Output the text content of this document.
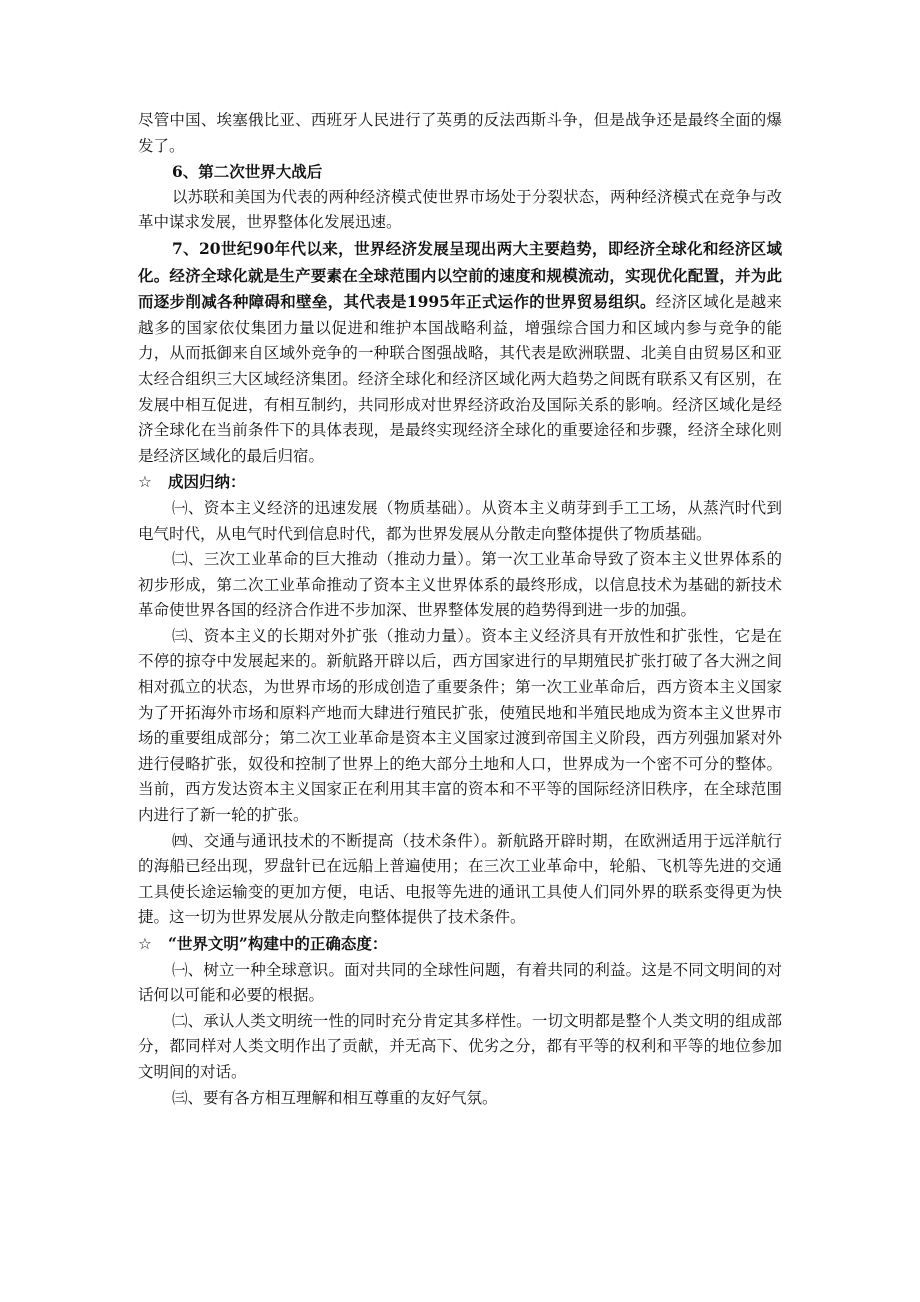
尽管中国、埃塞俄比亚、西班牙人民进行了英勇的反法西斯斗争，但是战争还是最终全面的爆发了。

6、第二次世界大战后

以苏联和美国为代表的两种经济模式使世界市场处于分裂状态，两种经济模式在竞争与改革中谋求发展，世界整体化发展迅速。

7、20世纪90年代以来，世界经济发展呈现出两大主要趋势，即经济全球化和经济区域化。经济全球化就是生产要素在全球范围内以空前的速度和规模流动，实现优化配置，并为此而逐步削减各种障碍和壁垒，其代表是1995年正式运作的世界贸易组织。经济区域化是越来越多的国家依仗集团力量以促进和维护本国战略利益，增强综合国力和区域内参与竞争的能力，从而抵御来自区域外竞争的一种联合图强战略，其代表是欧洲联盟、北美自由贸易区和亚太经合组织三大区域经济集团。经济全球化和经济区域化两大趋势之间既有联系又有区别，在发展中相互促进，有相互制约，共同形成对世界经济政治及国际关系的影响。经济区域化是经济全球化在当前条件下的具体表现，是最终实现经济全球化的重要途径和步骤，经济全球化则是经济区域化的最后归宿。

☆ 成因归纳：

㈠、资本主义经济的迅速发展（物质基础）。从资本主义萌芽到手工工场，从蒸汽时代到电气时代，从电气时代到信息时代，都为世界发展从分散走向整体提供了物质基础。

㈡、三次工业革命的巨大推动（推动力量）。第一次工业革命导致了资本主义世界体系的初步形成，第二次工业革命推动了资本主义世界体系的最终形成，以信息技术为基础的新技术革命使世界各国的经济合作进不步加深、世界整体发展的趋势得到进一步的加强。

㈢、资本主义的长期对外扩张（推动力量）。资本主义经济具有开放性和扩张性，它是在不停的掠夺中发展起来的。新航路开辟以后，西方国家进行的早期殖民扩张打破了各大洲之间相对孤立的状态，为世界市场的形成创造了重要条件；第一次工业革命后，西方资本主义国家为了开拓海外市场和原料产地而大肆进行殖民扩张，使殖民地和半殖民地成为资本主义世界市场的重要组成部分；第二次工业革命是资本主义国家过渡到帝国主义阶段，西方列强加紧对外进行侵略扩张，奴役和控制了世界上的绝大部分土地和人口，世界成为一个密不可分的整体。当前，西方发达资本主义国家正在利用其丰富的资本和不平等的国际经济旧秩序，在全球范围内进行了新一轮的扩张。

㈣、交通与通讯技术的不断提高（技术条件）。新航路开辟时期，在欧洲适用于远洋航行的海船已经出现，罗盘针已在远船上普遍使用；在三次工业革命中，轮船、飞机等先进的交通工具使长途运输变的更加方便，电话、电报等先进的通讯工具使人们同外界的联系变得更为快捷。这一切为世界发展从分散走向整体提供了技术条件。

☆ “世界文明”构建中的正确态度：

㈠、树立一种全球意识。面对共同的全球性问题，有着共同的利益。这是不同文明间的对话何以可能和必要的根据。

㈡、承认人类文明统一性的同时充分肯定其多样性。一切文明都是整个人类文明的组成部分，都同样对人类文明作出了贡献，并无高下、优劣之分，都有平等的权利和平等的地位参加文明间的对话。

㈢、要有各方相互理解和相互尊重的友好气氛。
